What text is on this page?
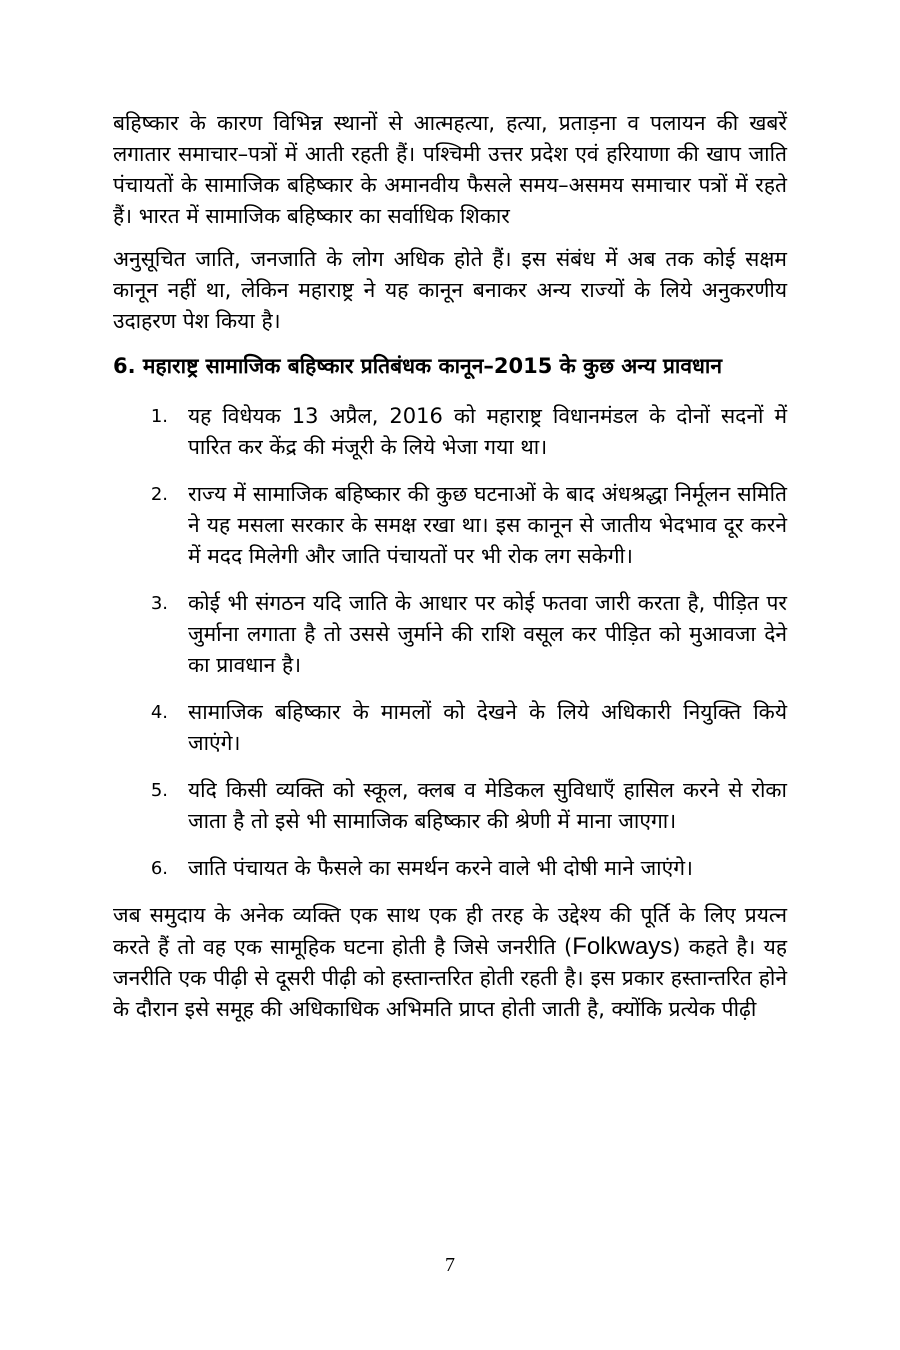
बहिष्कार के कारण विभिन्न स्थानों से आत्महत्या, हत्या, प्रताड़ना व पलायन की खबरें लगातार समाचार–पत्रों में आती रहती हैं। पश्चिमी उत्तर प्रदेश एवं हरियाणा की खाप जाति पंचायतों के सामाजिक बहिष्कार के अमानवीय फैसले समय–असमय समाचार पत्रों में रहते हैं। भारत में सामाजिक बहिष्कार का सर्वाधिक शिकार

अनुसूचित जाति, जनजाति के लोग अधिक होते हैं। इस संबंध में अब तक कोई सक्षम कानून नहीं था, लेकिन महाराष्ट्र ने यह कानून बनाकर अन्य राज्यों के लिये अनुकरणीय उदाहरण पेश किया है।

6. महाराष्ट्र सामाजिक बहिष्कार प्रतिबंधक कानून–2015 के कुछ अन्य प्रावधान
1. यह विधेयक 13 अप्रैल, 2016 को महाराष्ट्र विधानमंडल के दोनों सदनों में पारित कर केंद्र की मंजूरी के लिये भेजा गया था।
2. राज्य में सामाजिक बहिष्कार की कुछ घटनाओं के बाद अंधश्रद्धा निर्मूलन समिति ने यह मसला सरकार के समक्ष रखा था। इस कानून से जातीय भेदभाव दूर करने में मदद मिलेगी और जाति पंचायतों पर भी रोक लग सकेगी।
3. कोई भी संगठन यदि जाति के आधार पर कोई फतवा जारी करता है, पीड़ित पर जुर्माना लगाता है तो उससे जुर्माने की राशि वसूल कर पीड़ित को मुआवजा देने का प्रावधान है।
4. सामाजिक बहिष्कार के मामलों को देखने के लिये अधिकारी नियुक्ति किये जाएंगे।
5. यदि किसी व्यक्ति को स्कूल, क्लब व मेडिकल सुविधाएँ हासिल करने से रोका जाता है तो इसे भी सामाजिक बहिष्कार की श्रेणी में माना जाएगा।
6. जाति पंचायत के फैसले का समर्थन करने वाले भी दोषी माने जाएंगे।

जब समुदाय के अनेक व्यक्ति एक साथ एक ही तरह के उद्देश्य की पूर्ति के लिए प्रयत्न करते हैं तो वह एक सामूहिक घटना होती है जिसे जनरीति (Folkways) कहते है। यह जनरीति एक पीढ़ी से दूसरी पीढ़ी को हस्तान्तरित होती रहती है। इस प्रकार हस्तान्तरित होने के दौरान इसे समूह की अधिकाधिक अभिमति प्राप्त होती जाती है, क्योंकि प्रत्येक पीढ़ी

7
